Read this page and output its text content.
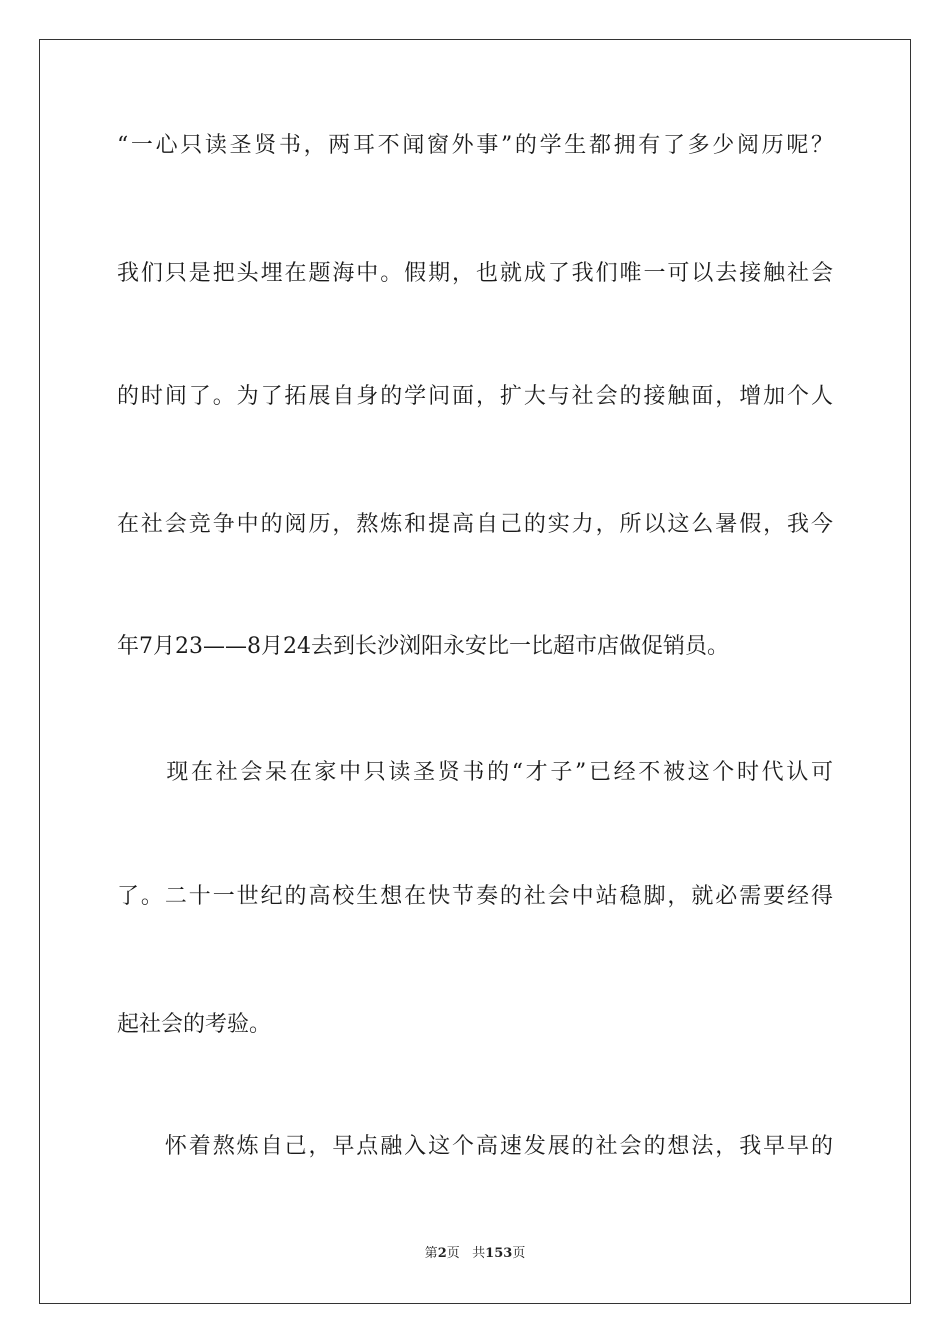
“一心只读圣贤书，两耳不闻窗外事”的学生都拥有了多少阅历呢？
我们只是把头埋在题海中。假期，也就成了我们唯一可以去接触社会
的时间了。为了拓展自身的学问面，扩大与社会的接触面，增加个人
在社会竞争中的阅历，熬炼和提高自己的实力，所以这么暑假，我今
年7月23——8月24去到长沙浏阳永安比一比超市店做促销员。
　　现在社会呆在家中只读圣贤书的“才子”已经不被这个时代认可
了。二十一世纪的高校生想在快节奏的社会中站稳脚，就必需要经得
起社会的考验。
　　怀着熬炼自己，早点融入这个高速发展的社会的想法，我早早的
第2页 共153页
